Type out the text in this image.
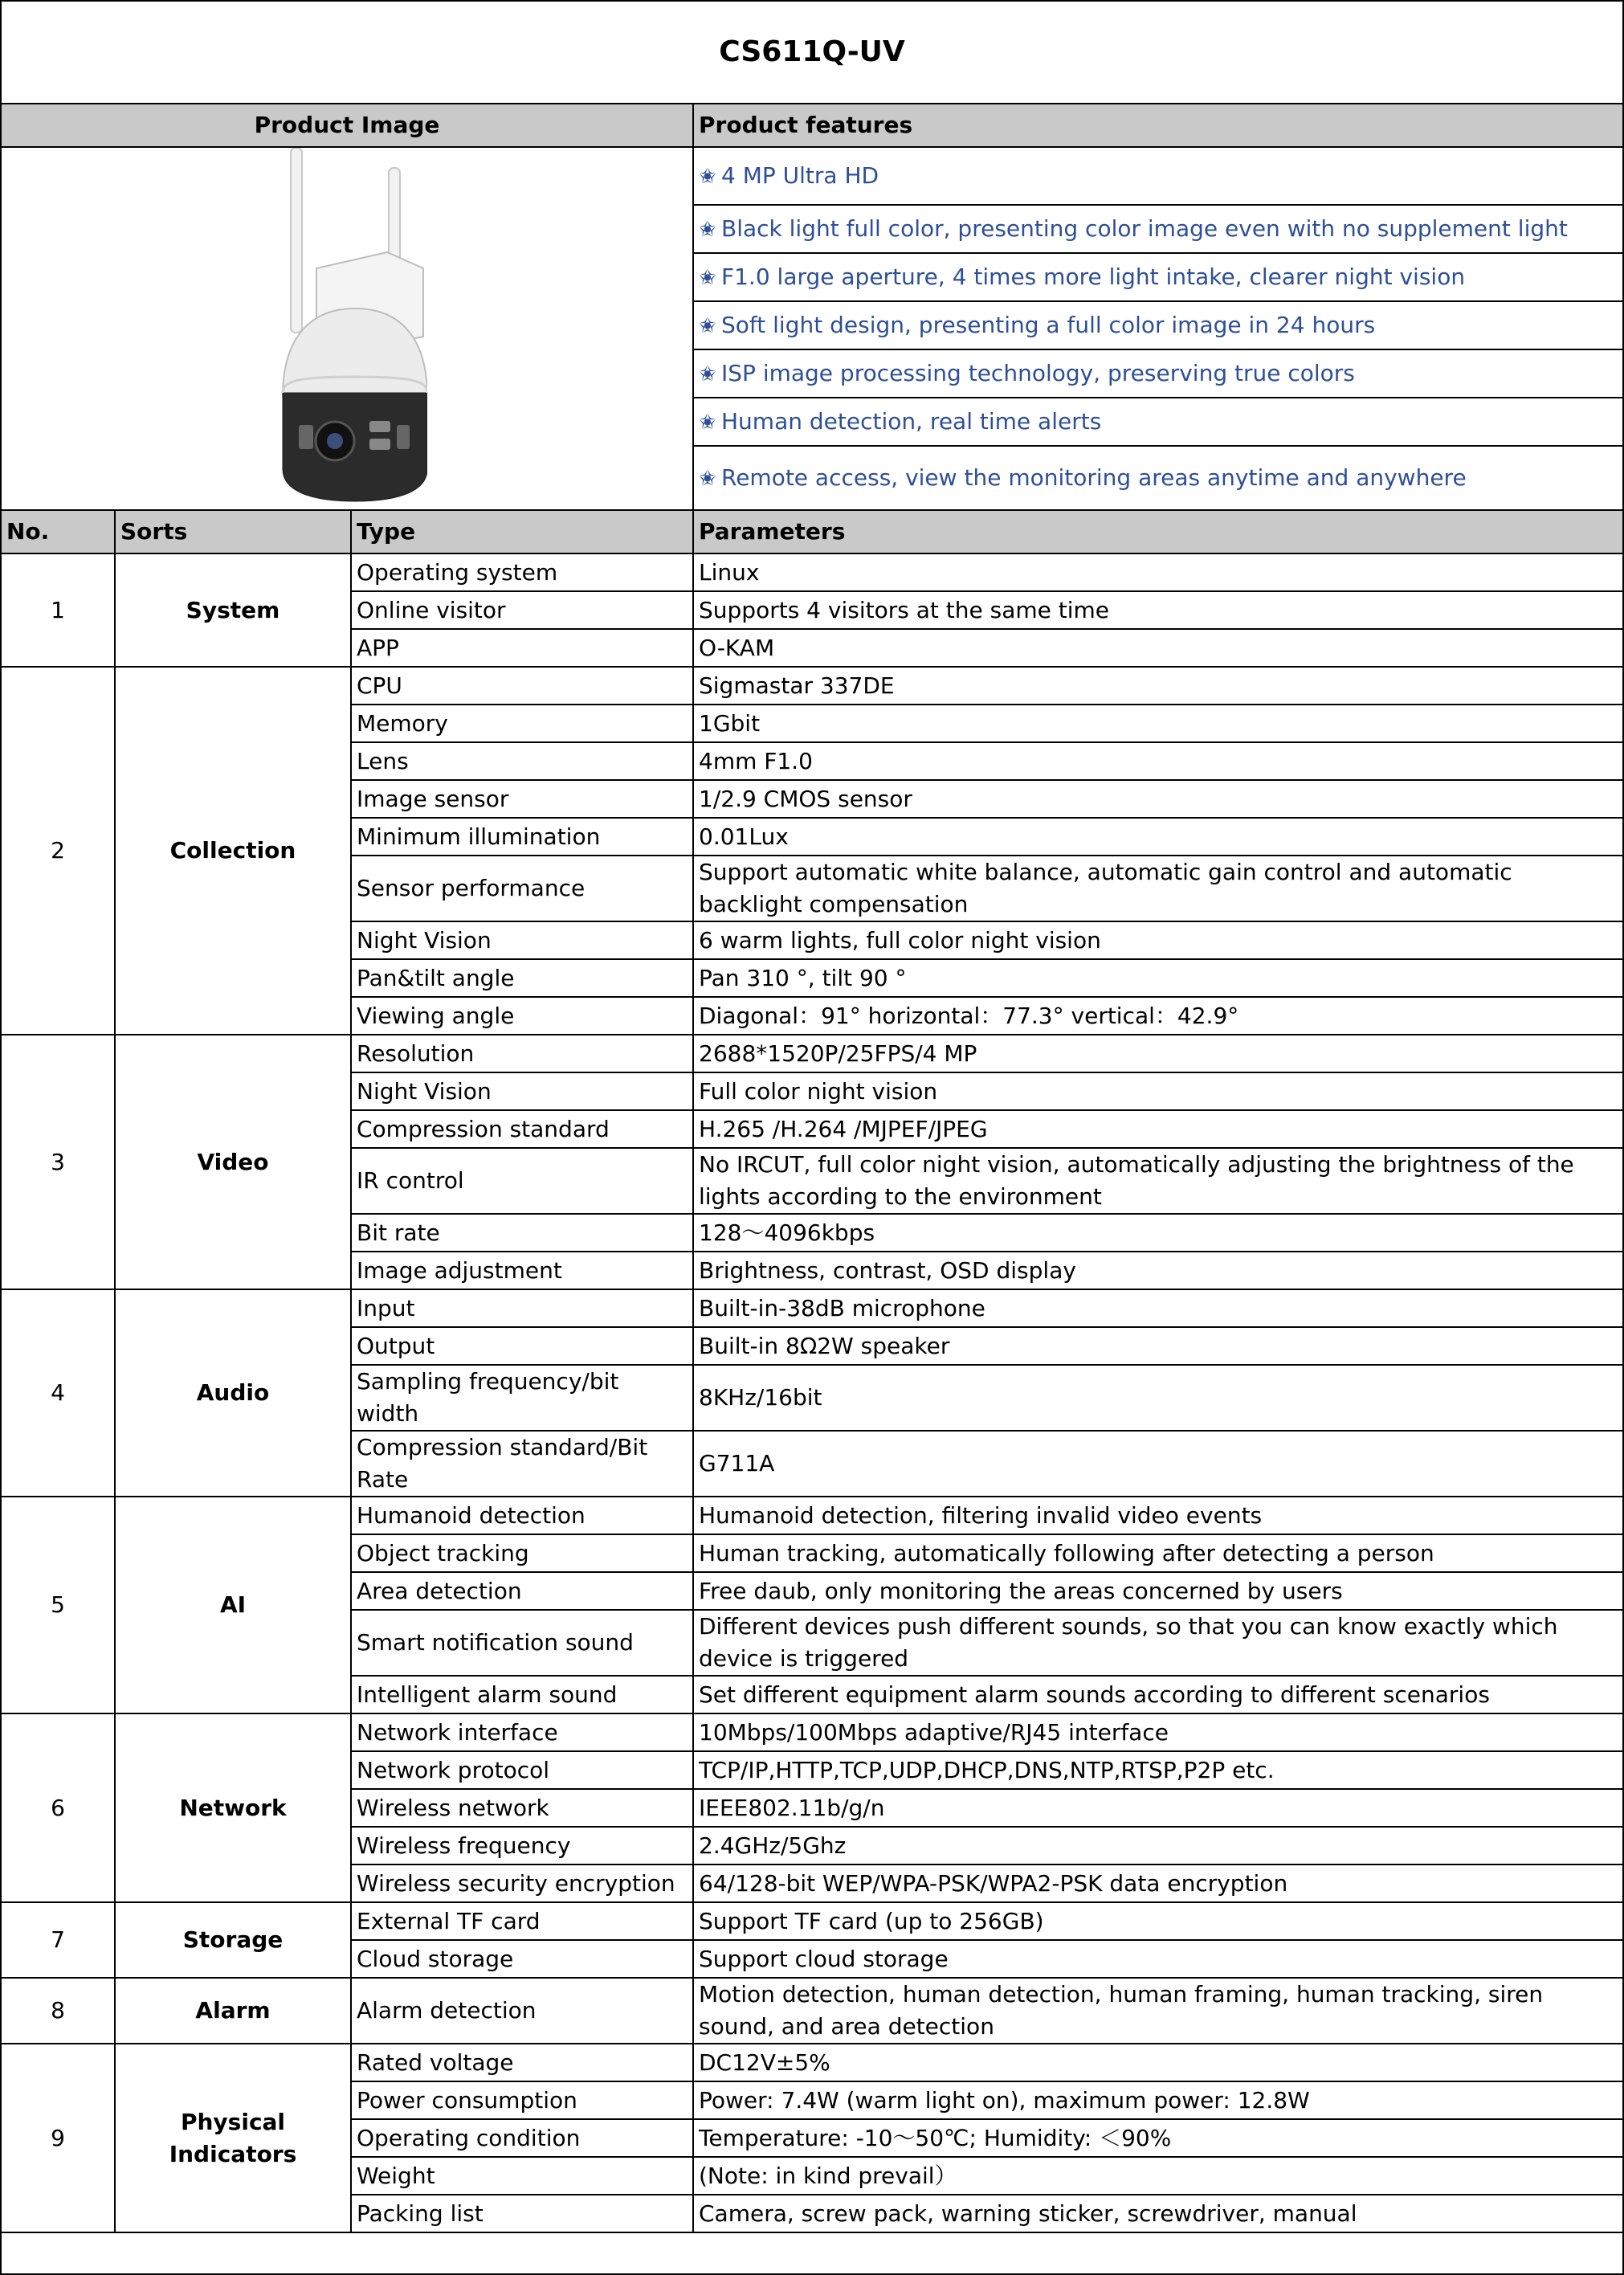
CS611Q-UV			
Product Image			Product features

	✬ 4 MP Ultra HD
			✬ Black light full color, presenting color image even with no supplement light
			✬ F1.0 large aperture, 4 times more light intake, clearer night vision
			✬ Soft light design, presenting a full color image in 24 hours
			✬ ISP image processing technology, preserving true colors
			✬ Human detection, real time alerts
			✬ Remote access, view the monitoring areas anytime and anywhere
No.	Sorts	Type	Parameters
1	System	Operating system	Linux
		Online visitor	Supports 4 visitors at the same time
		APP	O-KAM
2	Collection	CPU	Sigmastar 337DE
		Memory	1Gbit
		Lens	4mm F1.0
		Image sensor	1/2.9 CMOS sensor
		Minimum illumination	0.01Lux
		Sensor performance	Support automatic white balance, automatic gain control and automatic backlight compensation
		Night Vision	6 warm lights, full color night vision
		Pan&tilt angle	Pan 310 °, tilt 90 °
		Viewing angle	Diagonal：91° horizontal：77.3° vertical：42.9°
3	Video	Resolution	2688*1520P/25FPS/4 MP
		Night Vision	Full color night vision
		Compression standard	H.265 /H.264 /MJPEF/JPEG
		IR control	No IRCUT, full color night vision, automatically adjusting the brightness of the lights according to the environment
		Bit rate	128～4096kbps
		Image adjustment	Brightness, contrast, OSD display
4	Audio	Input	Built-in-38dB microphone
		Output	Built-in 8Ω2W speaker
		Sampling frequency/bit width	8KHz/16bit
		Compression standard/Bit Rate	G711A
5	AI	Humanoid detection	Humanoid detection, filtering invalid video events
		Object tracking	Human tracking, automatically following after detecting a person
		Area detection	Free daub, only monitoring the areas concerned by users
		Smart notification sound	Different devices push different sounds, so that you can know exactly which device is triggered
		Intelligent alarm sound	Set different equipment alarm sounds according to different scenarios
6	Network	Network interface	10Mbps/100Mbps adaptive/RJ45 interface
		Network protocol	TCP/IP,HTTP,TCP,UDP,DHCP,DNS,NTP,RTSP,P2P etc.
		Wireless network	IEEE802.11b/g/n
		Wireless frequency	2.4GHz/5Ghz
		Wireless security encryption	64/128-bit WEP/WPA-PSK/WPA2-PSK data encryption
7	Storage	External TF card	Support TF card (up to 256GB)
		Cloud storage	Support cloud storage
8	Alarm	Alarm detection	Motion detection, human detection, human framing, human tracking, siren sound, and area detection
9	Physical Indicators	Rated voltage	DC12V±5%
		Power consumption	Power: 7.4W (warm light on), maximum power: 12.8W
		Operating condition	Temperature: -10～50℃; Humidity: ＜90%
		Weight	(Note: in kind prevail）
		Packing list	Camera, screw pack, warning sticker, screwdriver, manual
